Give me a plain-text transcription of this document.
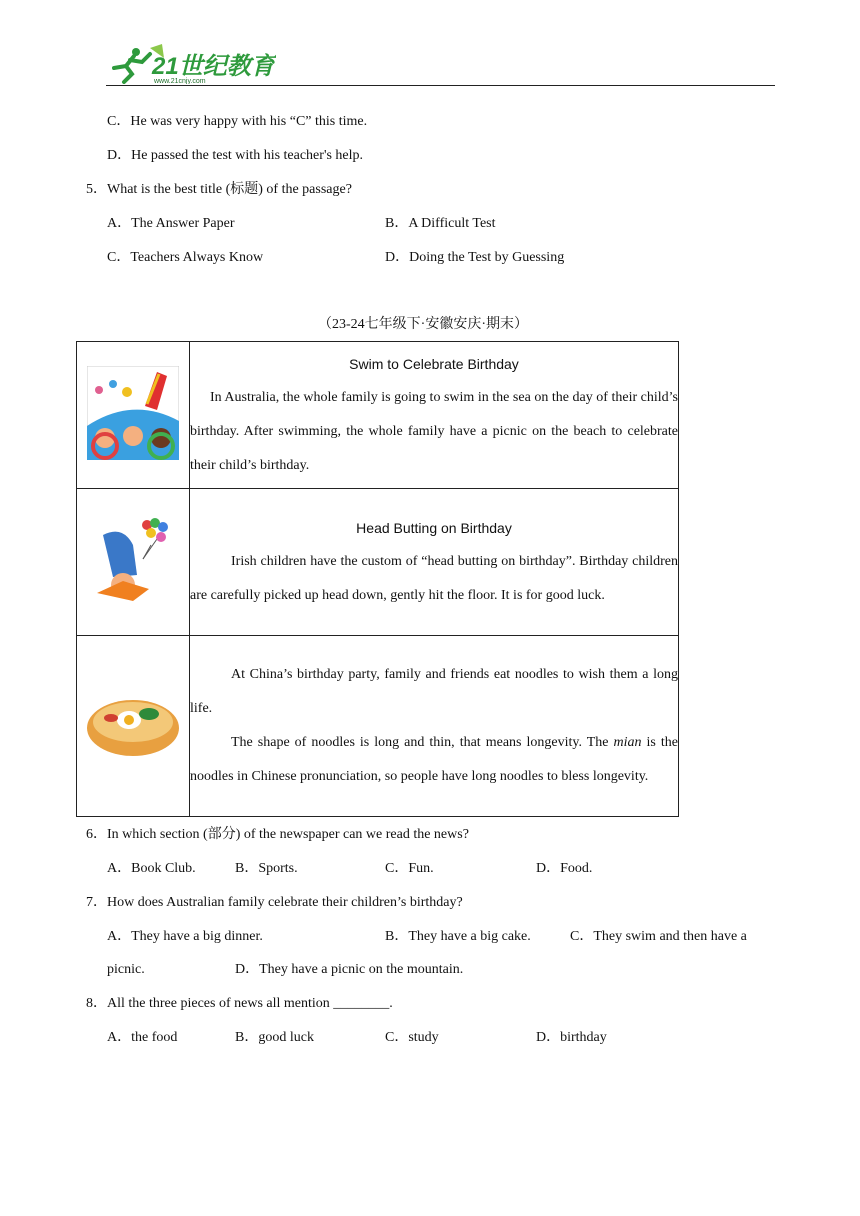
21世纪教育
www.21cnjy.com
C．He was very happy with his “C” this time.
D．He passed the test with his teacher's help.
5．What is the best title (标题) of the passage?
A．The Answer Paper	B．A Difficult Test
C．Teachers Always Know	D．Doing the Test by Guessing
（23-24七年级下·安徽安庆·期末）

Swim to Celebrate Birthday
In Australia, the whole family is going to swim in the sea on the day of their child’s birthday. After swimming, the whole family have a picnic on the beach to celebrate their child’s birthday.

Head Butting on Birthday
Irish children have the custom of “head butting on birthday”. Birthday children are carefully picked up head down, gently hit the floor. It is for good luck.

At China’s birthday party, family and friends eat noodles to wish them a long life.
The shape of noodles is long and thin, that means longevity. The mian is the noodles in Chinese pronunciation, so people have long noodles to bless longevity.
6．In which section (部分) of the newspaper can we read the news?
A．Book Club.	B．Sports.	C．Fun.	D．Food.
7．How does Australian family celebrate their children’s birthday?
A．They have a big dinner.	B．They have a big cake.	C．They swim and then have a
picnic.	D．They have a picnic on the mountain.
8．All the three pieces of news all mention ________.
A．the food	B．good luck	C．study	D．birthday
